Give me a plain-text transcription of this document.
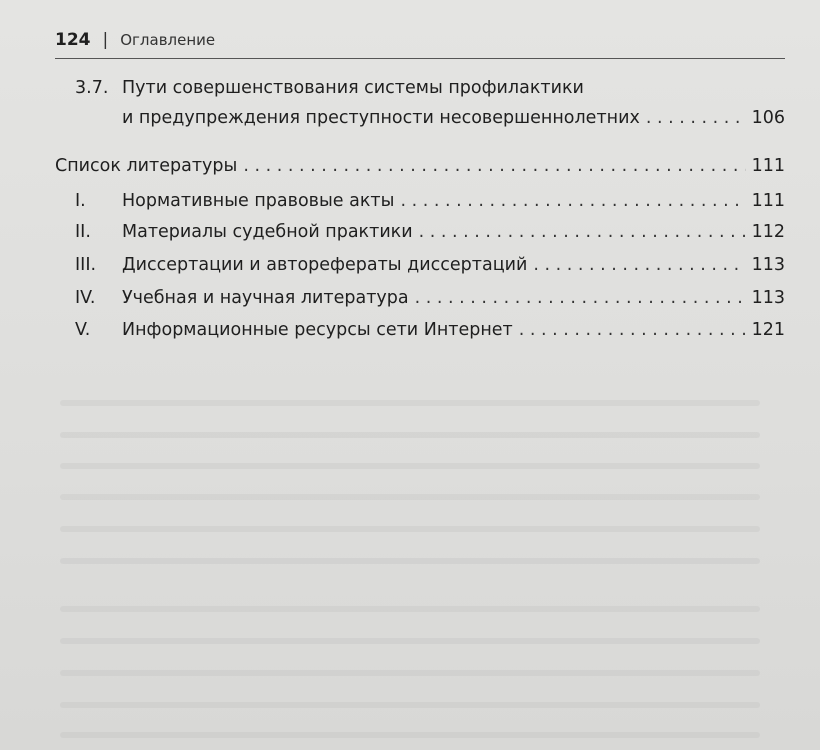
124 | Оглавление
3.7. Пути совершенствования системы профилактики
и предупреждения преступности несовершеннолетних . . .	106
Список литературы . . .	111
I.	Нормативные правовые акты . . .	111
II.	Материалы судебной практики . . .	112
III.	Диссертации и авторефераты диссертаций . . .	113
IV.	Учебная и научная литература . . .	113
V.	Информационные ресурсы сети Интернет . . .	121
